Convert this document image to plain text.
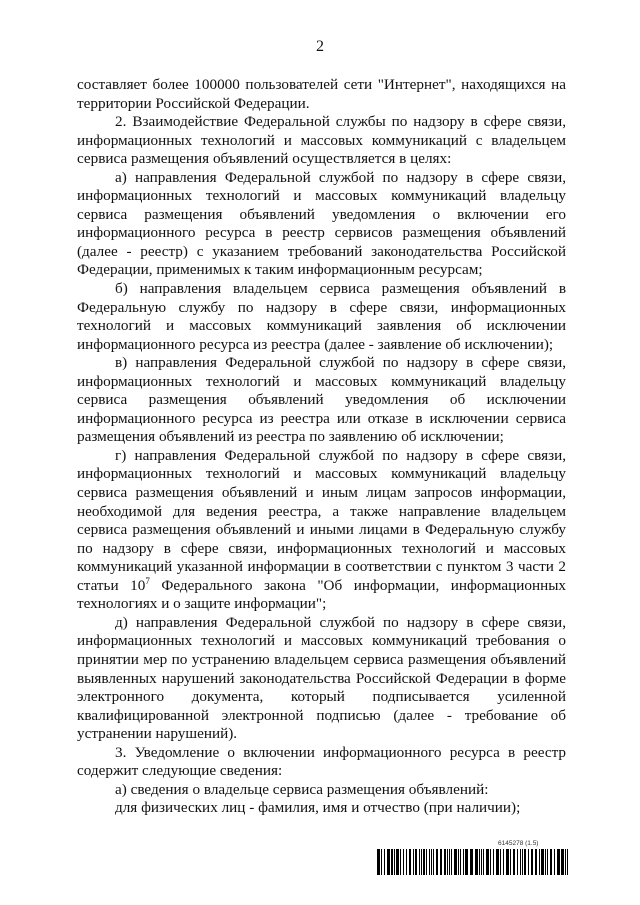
2

составляет более 100000 пользователей сети "Интернет", находящихся на территории Российской Федерации.

2. Взаимодействие Федеральной службы по надзору в сфере связи, информационных технологий и массовых коммуникаций с владельцем сервиса размещения объявлений осуществляется в целях:

а) направления Федеральной службой по надзору в сфере связи, информационных технологий и массовых коммуникаций владельцу сервиса размещения объявлений уведомления о включении его информационного ресурса в реестр сервисов размещения объявлений (далее - реестр) с указанием требований законодательства Российской Федерации, применимых к таким информационным ресурсам;

б) направления владельцем сервиса размещения объявлений в Федеральную службу по надзору в сфере связи, информационных технологий и массовых коммуникаций заявления об исключении информационного ресурса из реестра (далее - заявление об исключении);

в) направления Федеральной службой по надзору в сфере связи, информационных технологий и массовых коммуникаций владельцу сервиса размещения объявлений уведомления об исключении информационного ресурса из реестра или отказе в исключении сервиса размещения объявлений из реестра по заявлению об исключении;

г) направления Федеральной службой по надзору в сфере связи, информационных технологий и массовых коммуникаций владельцу сервиса размещения объявлений и иным лицам запросов информации, необходимой для ведения реестра, а также направление владельцем сервиса размещения объявлений и иными лицами в Федеральную службу по надзору в сфере связи, информационных технологий и массовых коммуникаций указанной информации в соответствии с пунктом 3 части 2 статьи $10^7$ Федерального закона "Об информации, информационных технологиях и о защите информации";

д) направления Федеральной службой по надзору в сфере связи, информационных технологий и массовых коммуникаций требования о принятии мер по устранению владельцем сервиса размещения объявлений выявленных нарушений законодательства Российской Федерации в форме электронного документа, который подписывается усиленной квалифицированной электронной подписью (далее - требование об устранении нарушений).

3. Уведомление о включении информационного ресурса в реестр содержит следующие сведения:

а) сведения о владельце сервиса размещения объявлений:

для физических лиц - фамилия, имя и отчество (при наличии);

6145278 (1.5)
